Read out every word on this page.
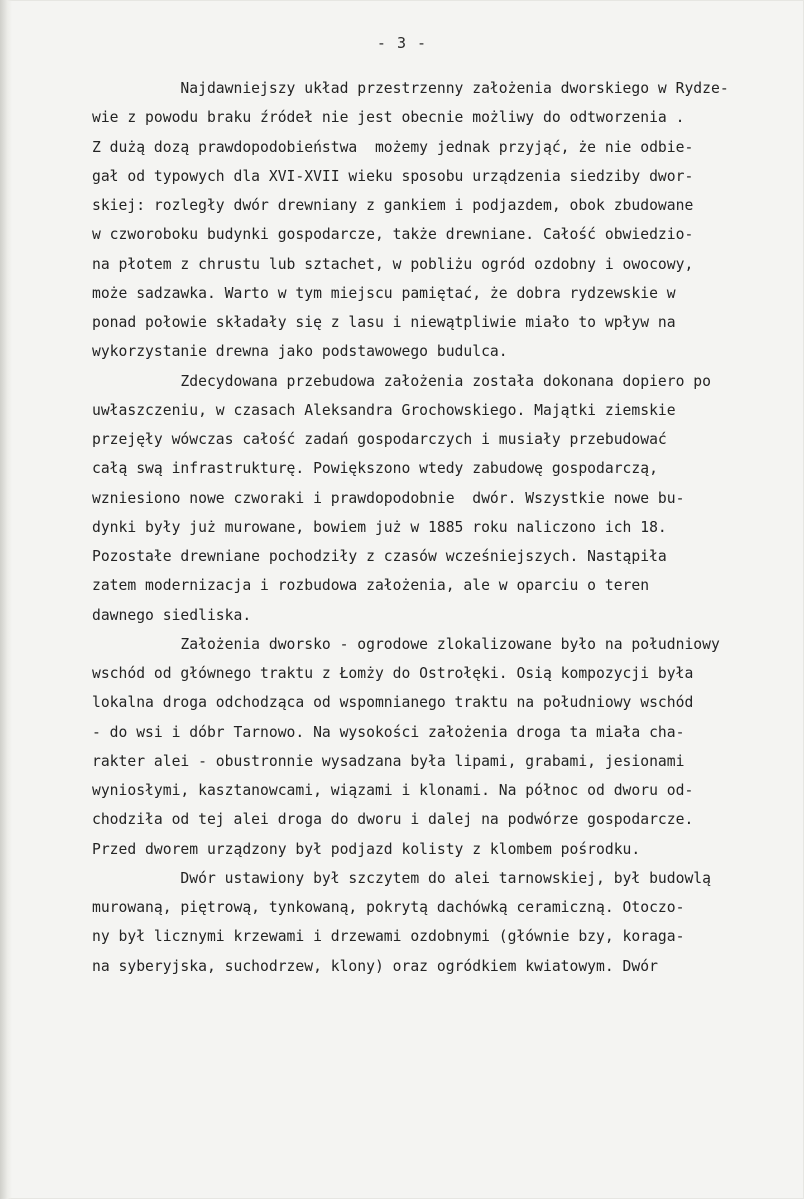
- 3 -
Najdawniejszy układ przestrzenny założenia dworskiego w Rydze-
wie z powodu braku źródeł nie jest obecnie możliwy do odtworzenia .
Z dużą dozą prawdopodobieństwa  możemy jednak przyjąć, że nie odbie-
gał od typowych dla XVI-XVII wieku sposobu urządzenia siedziby dwor-
skiej: rozległy dwór drewniany z gankiem i podjazdem, obok zbudowane
w czworoboku budynki gospodarcze, także drewniane. Całość obwiedzio-
na płotem z chrustu lub sztachet, w pobliżu ogród ozdobny i owocowy,
może sadzawka. Warto w tym miejscu pamiętać, że dobra rydzewskie w
ponad połowie składały się z lasu i niewątpliwie miało to wpływ na
wykorzystanie drewna jako podstawowego budulca.
Zdecydowana przebudowa założenia została dokonana dopiero po
uwłaszczeniu, w czasach Aleksandra Grochowskiego. Majątki ziemskie
przejęły wówczas całość zadań gospodarczych i musiały przebudować
całą swą infrastrukturę. Powiększono wtedy zabudowę gospodarczą,
wzniesiono nowe czworaki i prawdopodobnie  dwór. Wszystkie nowe bu-
dynki były już murowane, bowiem już w 1885 roku naliczono ich 18.
Pozostałe drewniane pochodziły z czasów wcześniejszych. Nastąpiła
zatem modernizacja i rozbudowa założenia, ale w oparciu o teren
dawnego siedliska.
Założenia dworsko - ogrodowe zlokalizowane było na południowy
wschód od głównego traktu z Łomży do Ostrołęki. Osią kompozycji była
lokalna droga odchodząca od wspomnianego traktu na południowy wschód
- do wsi i dóbr Tarnowo. Na wysokości założenia droga ta miała cha-
rakter alei - obustronnie wysadzana była lipami, grabami, jesionami
wyniosłymi, kasztanowcami, wiązami i klonami. Na północ od dworu od-
chodziła od tej alei droga do dworu i dalej na podwórze gospodarcze.
Przed dworem urządzony był podjazd kolisty z klombem pośrodku.
Dwór ustawiony był szczytem do alei tarnowskiej, był budowlą
murowaną, piętrową, tynkowaną, pokrytą dachówką ceramiczną. Otoczo-
ny był licznymi krzewami i drzewami ozdobnymi (głównie bzy, koraga-
na syberyjska, suchodrzew, klony) oraz ogródkiem kwiatowym. Dwór
